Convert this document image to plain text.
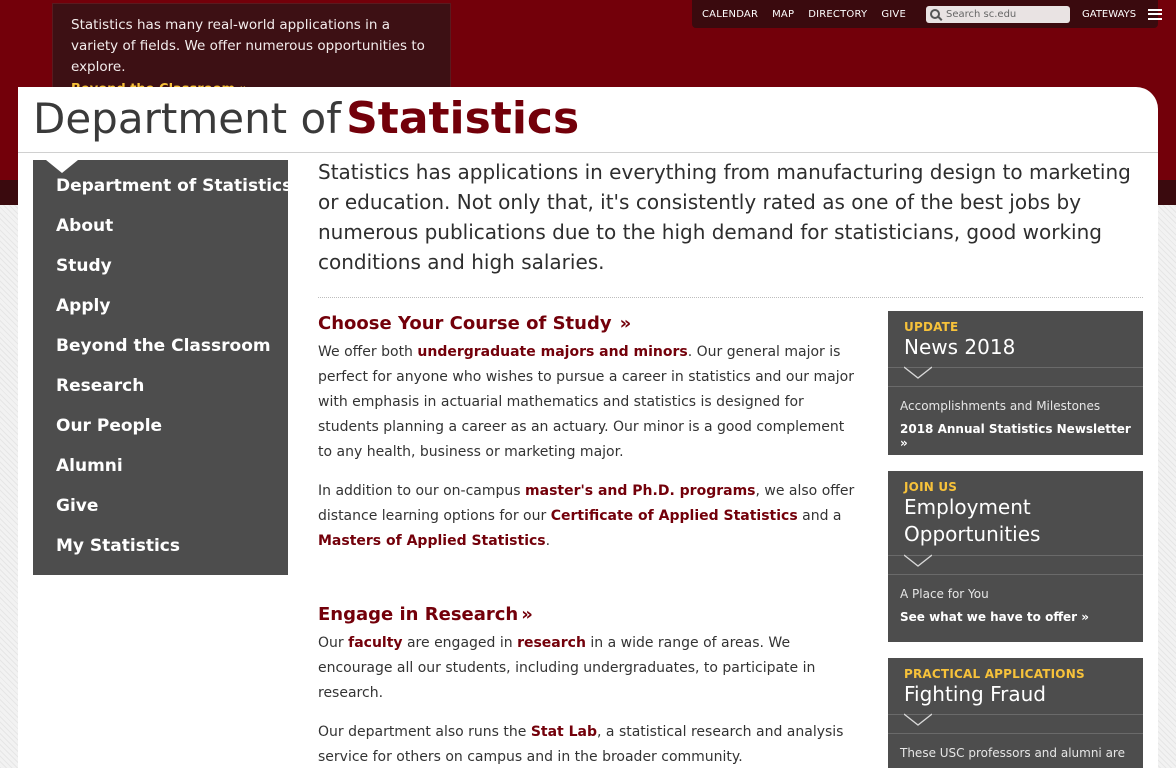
Statistics has many real-world applications in a variety of fields. We offer numerous opportunities to explore.

CALENDAR MAP DIRECTORY GIVE
Search sc.edu	GATEWAYS
Department of Statistics
Department of Statistics
About
Study
Apply
Beyond the Classroom
Research
Our People
Alumni
Give
My Statistics

Statistics has applications in everything from manufacturing design to marketing or education. Not only that, it's consistently rated as one of the best jobs by numerous publications due to the high demand for statisticians, good working conditions and high salaries.

Choose Your Course of Study »

We offer both undergraduate majors and minors. Our general major is perfect for anyone who wishes to pursue a career in statistics and our major with emphasis in actuarial mathematics and statistics is designed for students planning a career as an actuary. Our minor is a good complement to any health, business or marketing major.

In addition to our on-campus master's and Ph.D. programs, we also offer distance learning options for our Certificate of Applied Statistics and a Masters of Applied Statistics.

Engage in Research »

Our faculty are engaged in research in a wide range of areas. We encourage all our students, including undergraduates, to participate in research.

Our department also runs the Stat Lab, a statistical research and analysis service for others on campus and in the broader community.

UPDATE
News 2018
Accomplishments and Milestones
2018 Annual Statistics Newsletter »
JOIN US
Employment Opportunities
A Place for You
See what we have to offer »
PRACTICAL APPLICATIONS
Fighting Fraud
These USC professors and alumni are
